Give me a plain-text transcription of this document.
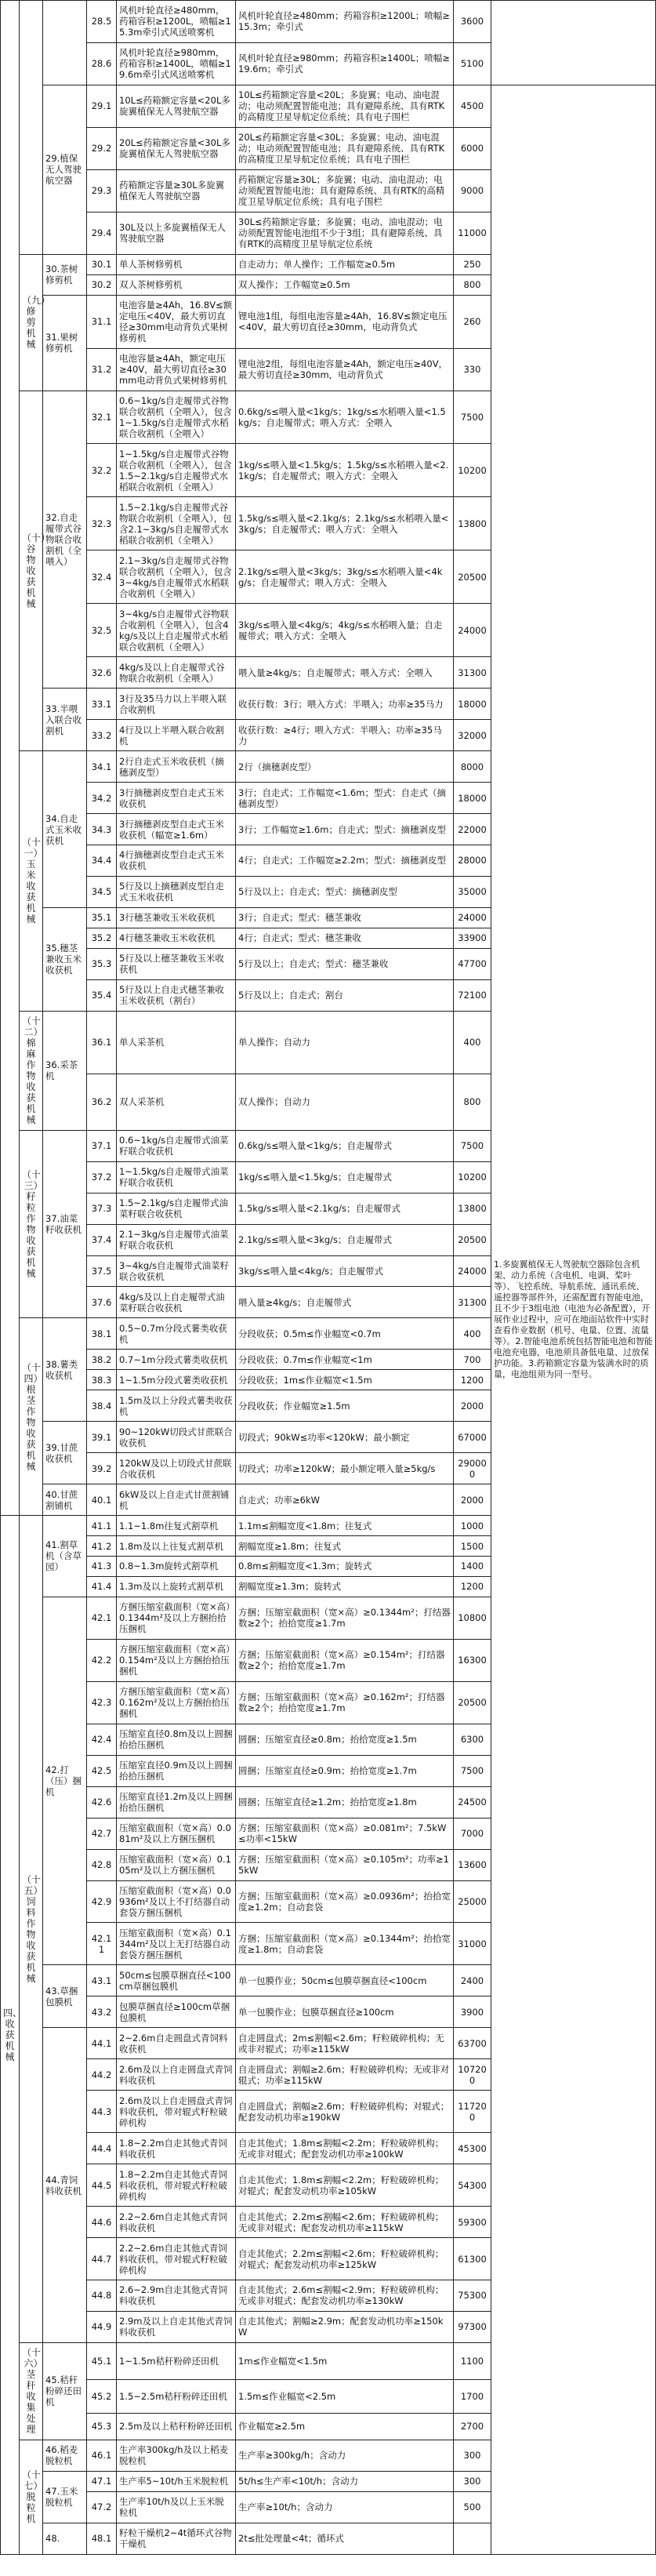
			28.5	风机叶轮直径≥480mm，药箱容积≥1200L，喷幅≥15.3m牵引式风送喷雾机	风机叶轮直径≥480mm；药箱容积≥1200L；喷幅≥15.3m；牵引式	3600	
			28.6	风机叶轮直径≥980mm，药箱容积≥1400L，喷幅≥19.6m牵引式风送喷雾机	风机叶轮直径≥980mm；药箱容积≥1400L；喷幅≥19.6m；牵引式	5100	
		29.植保无人驾驶航空器	29.1	10L≤药箱额定容量<20L多旋翼植保无人驾驶航空器	10L≤药箱额定容量<20L；多旋翼；电动、油电混动；电动须配置智能电池；具有避障系统、具有RTK的高精度卫星导航定位系统；具有电子围栏	4500	1.多旋翼植保无人驾驶航空器除包含机架、动力系统（含电机、电调、桨叶等）、飞控系统、导航系统、通讯系统、遥控器等部件外，还需配置有智能电池，且不少于3组电池（电池为必备配置），开展作业过程中，应可在地面站软件中实时查看作业数据（机号、电量、位置、流量等）。2.智能电池系统包括智能电池和智能电池充电器，电池须具备低电量、过放保护功能。3.药箱额定容量为装满水时的质量，电池组须为同一型号。
			29.2	20L≤药箱额定容量<30L多旋翼植保无人驾驶航空器	20L≤药箱额定容量<30L；多旋翼；电动、油电混动；电动须配置智能电池；具有避障系统、具有RTK的高精度卫星导航定位系统；具有电子围栏	6000	
			29.3	药箱额定容量≥30L多旋翼植保无人驾驶航空器	药箱额定容量≥30L；多旋翼；电动、油电混动；电动须配置智能电池；具有避障系统、具有RTK的高精度卫星导航定位系统；具有电子围栏	9000	
			29.4	30L及以上多旋翼植保无人驾驶航空器	30L≤药箱额定容量；多旋翼；电动、油电混动；电动须配置智能电池组不少于3组；具有避障系统、具有RTK的高精度卫星导航定位系统	11000	
	（九）修剪机械	30.茶树修剪机	30.1	单人茶树修剪机	自走动力；单人操作；工作幅宽≥0.5m	250	
			30.2	双人茶树修剪机	双人操作；工作幅宽≥0.5m	800	
		31.果树修剪机	31.1	电池容量≥4Ah，16.8V≤额定电压<40V，最大剪切直径≥30mm电动背负式果树修剪机	锂电池1组，每组电池容量≥4Ah，16.8V≤额定电压<40V，最大剪切直径≥30mm，电动背负式	260	
			31.2	电池容量≥4Ah，额定电压≥40V，最大剪切直径≥30mm电动背负式果树修剪机	锂电池2组，每组电池容量≥4Ah，额定电压≥40V，最大剪切直径≥30mm，电动背负式	330	
	（十）谷物收获机械	32.自走履带式谷物联合收割机（全喂入）	32.1	0.6~1kg/s自走履带式谷物联合收割机（全喂入），包含1~1.5kg/s自走履带式水稻联合收割机（全喂入）	0.6kg/s≤喂入量<1kg/s；1kg/s≤水稻喂入量<1.5kg/s；自走履带式；喂入方式：全喂入	7500	
			32.2	1~1.5kg/s自走履带式谷物联合收割机（全喂入），包含1.5~2.1kg/s自走履带式水稻联合收割机（全喂入）	1kg/s≤喂入量<1.5kg/s；1.5kg/s≤水稻喂入量<2.1kg/s；自走履带式；喂入方式：全喂入	10200	
			32.3	1.5~2.1kg/s自走履带式谷物联合收割机（全喂入），包含2.1~3kg/s自走履带式水稻联合收割机（全喂入）	1.5kg/s≤喂入量<2.1kg/s；2.1kg/s≤水稻喂入量<3kg/s；自走履带式；喂入方式：全喂入	13800	
			32.4	2.1~3kg/s自走履带式谷物联合收割机（全喂入），包含3~4kg/s自走履带式水稻联合收割机（全喂入）	2.1kg/s≤喂入量<3kg/s；3kg/s≤水稻喂入量<4kg/s；自走履带式；喂入方式：全喂入	20500	
			32.5	3~4kg/s自走履带式谷物联合收割机（全喂入），包含4kg/s及以上自走履带式水稻联合收割机（全喂入）	3kg/s≤喂入量<4kg/s；4kg/s≤水稻喂入量；自走履带式；喂入方式：全喂入	24000	
			32.6	4kg/s及以上自走履带式谷物联合收割机（全喂入）	喂入量≥4kg/s；自走履带式；喂入方式：全喂入	31300	
		33.半喂入联合收割机	33.1	3行及35马力以上半喂入联合收割机	收获行数：3行；喂入方式：半喂入；功率≥35马力	18000	
			33.2	4行及以上半喂入联合收割机	收获行数：≥4行；喂入方式：半喂入；功率≥35马力	32000	
	（十一）玉米收获机械	34.自走式玉米收获机	34.1	2行自走式玉米收获机（摘穗剥皮型）	2行（摘穗剥皮型）	8000	
			34.2	3行摘穗剥皮型自走式玉米收获机	3行；自走式；工作幅宽<1.6m；型式：自走式（摘穗剥皮型）	18000	
			34.3	3行摘穗剥皮型自走式玉米收获机（幅宽≥1.6m）	3行；工作幅宽≥1.6m；自走式；型式：摘穗剥皮型	22000	
			34.4	4行摘穗剥皮型自走式玉米收获机	4行；自走式；工作幅宽≥2.2m；型式：摘穗剥皮型	28000	
			34.5	5行及以上摘穗剥皮型自走式玉米收获机	5行及以上；自走式；型式：摘穗剥皮型	35000	
		35.穗茎兼收玉米收获机	35.1	3行穗茎兼收玉米收获机	3行；自走式；型式：穗茎兼收	24000	
			35.2	4行穗茎兼收玉米收获机	4行；自走式；型式：穗茎兼收	33900	
			35.3	5行及以上穗茎兼收玉米收获机	5行及以上；自走式；型式：穗茎兼收	47700	
			35.4	5行及以上自走式穗茎兼收玉米收获机（割台）	5行及以上；自走式；割台	72100	
	（十二）棉麻作物收获机械	36.采茶机	36.1	单人采茶机	单人操作；自动力	400	
			36.2	双人采茶机	双人操作；自动力	800	
	（十三）籽粒作物收获机械	37.油菜籽收获机	37.1	0.6~1kg/s自走履带式油菜籽联合收获机	0.6kg/s≤喂入量<1kg/s；自走履带式	7500	
			37.2	1~1.5kg/s自走履带式油菜籽联合收获机	1kg/s≤喂入量<1.5kg/s；自走履带式	10200	
			37.3	1.5~2.1kg/s自走履带式油菜籽联合收获机	1.5kg/s≤喂入量<2.1kg/s；自走履带式	13800	
			37.4	2.1~3kg/s自走履带式油菜籽联合收获机	2.1kg/s≤喂入量<3kg/s；自走履带式	20500	
			37.5	3~4kg/s自走履带式油菜籽联合收获机	3kg/s≤喂入量<4kg/s；自走履带式	24000	
			37.6	4kg/s及以上自走履带式油菜籽联合收获机	喂入量≥4kg/s；自走履带式	31300	
	（十四）根茎作物收获机械	38.薯类收获机	38.1	0.5~0.7m分段式薯类收获机	分段收获；0.5m≤作业幅宽<0.7m	400	
			38.2	0.7~1m分段式薯类收获机	分段收获；0.7m≤作业幅宽<1m	700	
			38.3	1~1.5m分段式薯类收获机	分段收获；1m≤作业幅宽<1.5m	1200	
			38.4	1.5m及以上分段式薯类收获机	分段收获；作业幅宽≥1.5m	2000	
		39.甘蔗收获机	39.1	90~120kW切段式甘蔗联合收获机	切段式；90kW≤功率<120kW；最小额定	67000	
			39.2	120kW及以上切段式甘蔗联合收获机	切段式；功率≥120kW；最小额定喂入量≥5kg/s	290000	
		40.甘蔗割铺机	40.1	6kW及以上自走式甘蔗割铺机	自走式；功率≥6kW	2000	
四、收获机械	（十五）饲料作物收获机械	41.割草机（含草园）	41.1	1.1~1.8m往复式割草机	1.1m≤割幅宽度<1.8m；往复式	1000	
			41.2	1.8m及以上往复式割草机	割幅宽度≥1.8m；往复式	1500	
			41.3	0.8~1.3m旋转式割草机	0.8m≤割幅宽度<1.3m；旋转式	1400	
			41.4	1.3m及以上旋转式割草机	割幅宽度≥1.3m；旋转式	1200	
		42.打（压）捆机	42.1	方捆压缩室截面积（宽×高）0.1344m²及以上方捆抬拾压捆机	方捆；压缩室截面积（宽×高）≥0.1344m²；打结器数≥2个；抬拾宽度≥1.7m	10800	
			42.2	方捆压缩室截面积（宽×高）0.154m²及以上方捆抬拾压捆机	方捆；压缩室截面积（宽×高）≥0.154m²；打结器数≥2个；抬拾宽度≥1.7m	16300	
			42.3	方捆压缩室截面积（宽×高）0.162m²及以上方捆抬拾压捆机	方捆；压缩室截面积（宽×高）≥0.162m²；打结器数≥2个；抬拾宽度≥1.7m	20500	
			42.4	压缩室直径0.8m及以上圆捆抬拾压捆机	圆捆；压缩室直径≥0.8m；抬拾宽度≥1.5m	6300	
			42.5	压缩室直径0.9m及以上圆捆抬拾压捆机	圆捆；压缩室直径≥0.9m；抬拾宽度≥1.7m	7500	
			42.6	压缩室直径1.2m及以上圆捆抬拾压捆机	圆捆；压缩室直径≥1.2m；抬拾宽度≥1.8m	24500	
			42.7	压缩室截面积（宽×高）0.081m²及以上方捆压捆机	方捆；压缩室截面积（宽×高）≥0.081m²；7.5kW≤功率<15kW	7000	
			42.8	压缩室截面积（宽×高）0.105m²及以上方捆压捆机	方捆；压缩室截面积（宽×高）≥0.105m²；功率≥15kW	13600	
			42.9	压缩室截面积（宽×高）0.0936m²及以上不打结器自动套袋方捆压捆机	方捆；压缩室截面积（宽×高）≥0.0936m²；抬拾宽度≥1.2m；自动套袋	25000	
			42.11	压缩室截面积（宽×高）0.1344m²及以上无打结器自动套袋方捆压捆机	方捆；压缩室截面积（宽×高）≥0.1344m²；抬拾宽度≥1.8m；自动套袋	31000	
		43.草捆包膜机	43.1	50cm≤包膜草捆直径<100cm草捆包膜机	单一包膜作业；50cm≤包膜草捆直径<100cm	2400	
			43.2	包膜草捆直径≥100cm草捆包膜机	单一包膜作业；包膜草捆直径≥100cm	3900	
		44.青饲料收获机	44.1	2~2.6m自走圆盘式青饲料收获机	自走圆盘式；2m≤割幅<2.6m；籽粒破碎机构；无或非对辊式；功率≥115kW	63700	
			44.2	2.6m及以上自走圆盘式青饲料收获机	自走圆盘式；割幅≥2.6m；籽粒破碎机构；无或非对辊式；功率≥115kW	107200	
			44.3	2.6m及以上自走圆盘式青饲料收获机，带对辊式籽粒破碎机构	自走圆盘式；割幅≥2.6m；籽粒破碎机构；对辊式；配套发动机功率≥190kW	117200	
			44.4	1.8~2.2m自走其他式青饲料收获机	自走其他式；1.8m≤割幅<2.2m；籽粒破碎机构；无或非对辊式；配套发动机功率≥100kW	45300	
			44.5	1.8~2.2m自走其他式青饲料收获机，带对辊式籽粒破碎机构	自走其他式；1.8m≤割幅<2.2m；籽粒破碎机构；对辊式；配套发动机功率≥105kW	54300	
			44.6	2.2~2.6m自走其他式青饲料收获机	自走其他式；2.2m≤割幅<2.6m；籽粒破碎机构；无或非对辊式；配套发动机功率≥115kW	59300	
			44.7	2.2~2.6m自走其他式青饲料收获机，带对辊式籽粒破碎机构	自走其他式；2.2m≤割幅<2.6m；籽粒破碎机构；对辊式；配套发动机功率≥125kW	61300	
			44.8	2.6~2.9m自走其他式青饲料收获机	自走其他式；2.6m≤割幅<2.9m；籽粒破碎机构；无或非对辊式；配套发动机功率≥130kW	75300	
			44.9	2.9m及以上自走其他式青饲料收获机	自走其他式；割幅≥2.9m；配套发动机功率≥150kW	97300	
	（十六）茎秆收集处理	45.秸秆粉碎还田机	45.1	1~1.5m秸秆粉碎还田机	1m≤作业幅宽<1.5m	1100	
			45.2	1.5~2.5m秸秆粉碎还田机	1.5m≤作业幅宽<2.5m	1700	
			45.3	2.5m及以上秸秆粉碎还田机	作业幅宽≥2.5m	2700	
	（十七）脱粒机	46.稻麦脱粒机	46.1	生产率300kg/h及以上稻麦脱粒机	生产率≥300kg/h；含动力	300	
		47.玉米脱粒机	47.1	生产率5~10t/h玉米脱粒机	5t/h≤生产率<10t/h；含动力	300	
			47.2	生产率10t/h及以上玉米脱粒机	生产率≥10t/h；含动力	500	
		48.	48.1	籽粒干燥机2~4t循环式谷物干燥机	2t≤批处理量<4t；循环式		
